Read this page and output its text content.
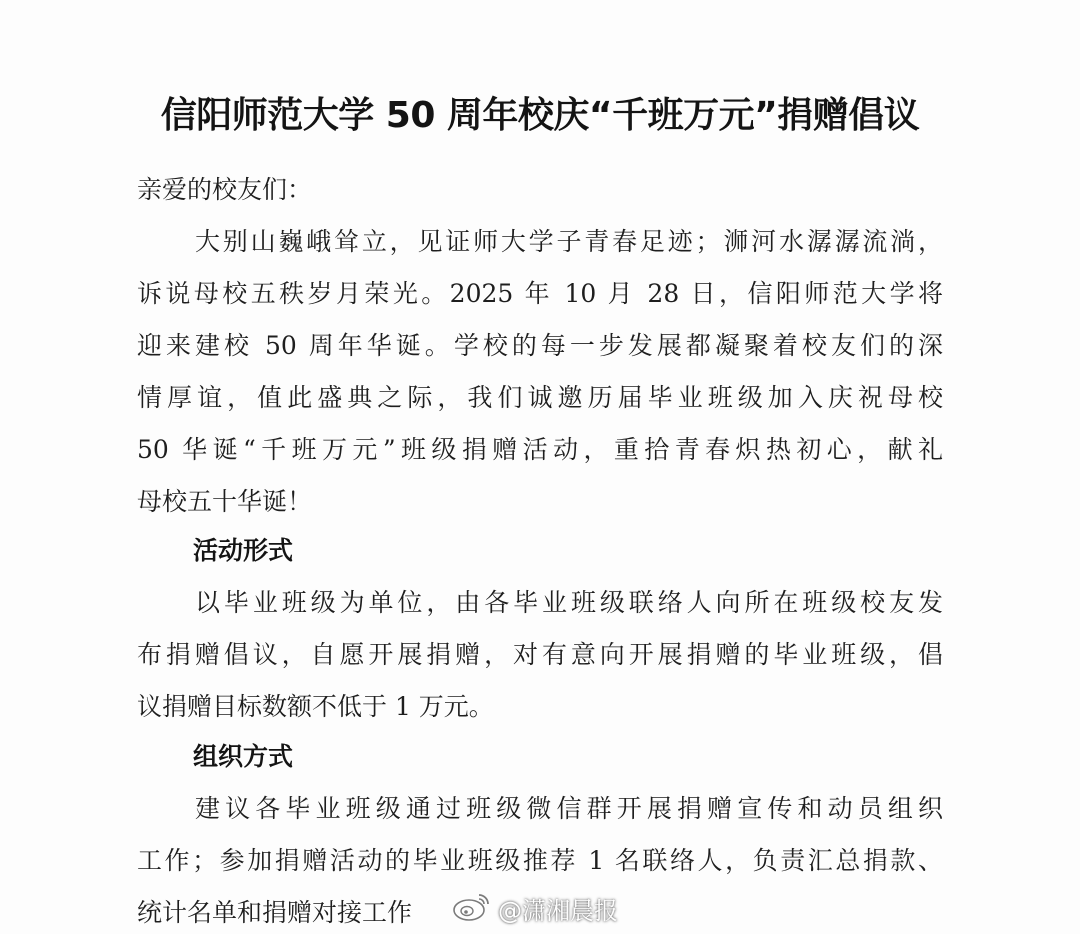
信阳师范大学 50 周年校庆“千班万元”捐赠倡议
亲爱的校友们：
大别山巍峨耸立，见证师大学子青春足迹；浉河水潺潺流淌，
诉说母校五秩岁月荣光。2025 年 10 月 28 日，信阳师范大学将
迎来建校 50 周年华诞。学校的每一步发展都凝聚着校友们的深
情厚谊，值此盛典之际，我们诚邀历届毕业班级加入庆祝母校
50 华诞“千班万元”班级捐赠活动，重拾青春炽热初心，献礼
母校五十华诞！
活动形式
以毕业班级为单位，由各毕业班级联络人向所在班级校友发
布捐赠倡议，自愿开展捐赠，对有意向开展捐赠的毕业班级，倡
议捐赠目标数额不低于 1 万元。
组织方式
建议各毕业班级通过班级微信群开展捐赠宣传和动员组织
工作；参加捐赠活动的毕业班级推荐 1 名联络人，负责汇总捐款、
统计名单和捐赠对接工作	@潇湘晨报
